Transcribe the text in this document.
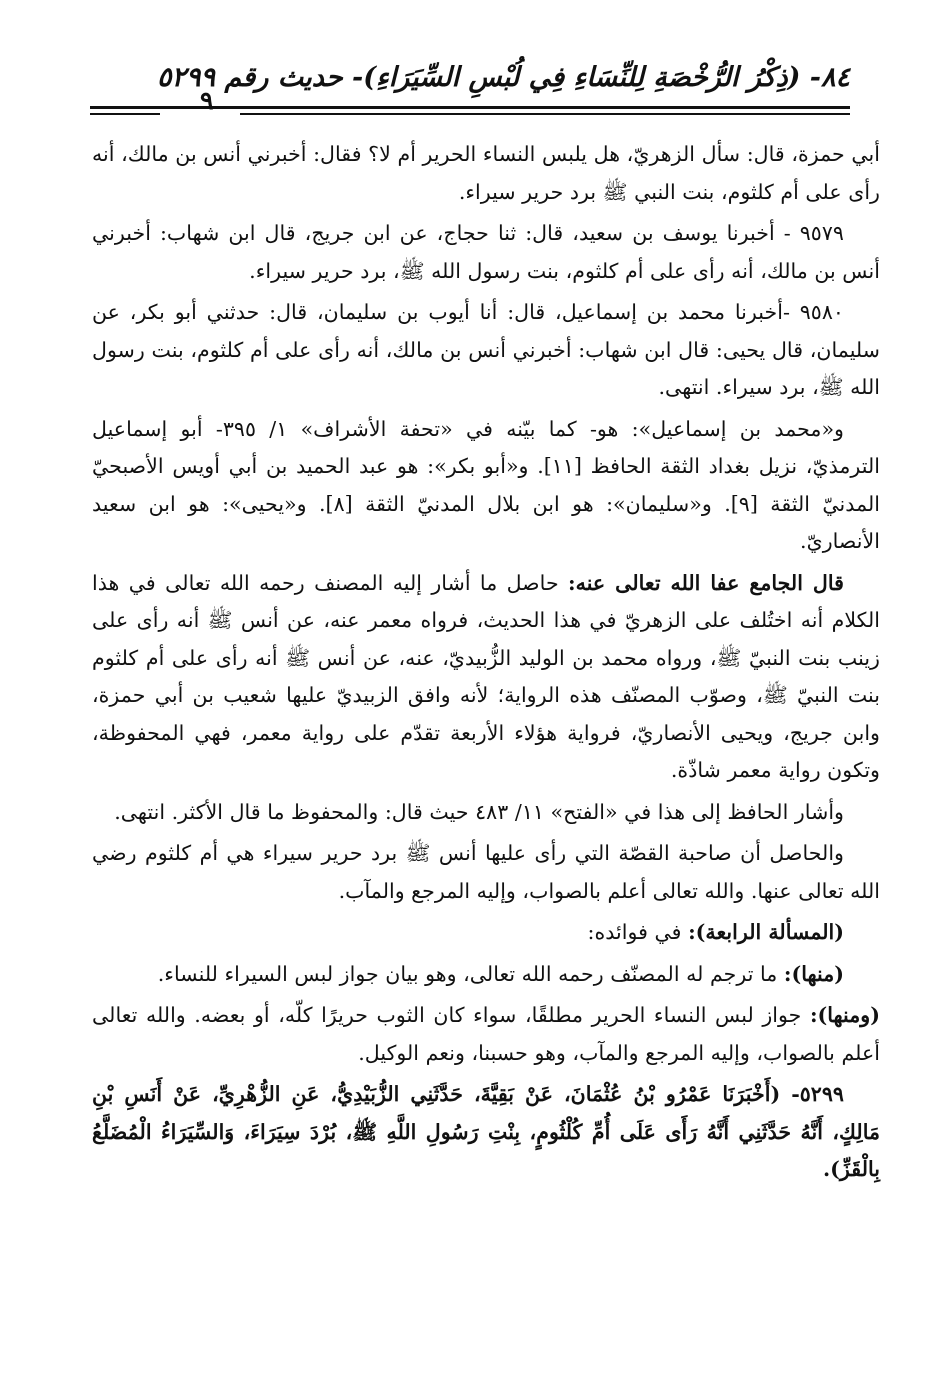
٨٤- (ذِكْرُ الرُّخْصَةِ لِلنِّسَاءِ فِي لُبْسِ السِّيَرَاءِ)- حديث رقم ٥٢٩٩
٩

أبي حمزة، قال: سأل الزهريّ، هل يلبس النساء الحرير أم لا؟ فقال: أخبرني أنس بن مالك، أنه رأى على أم كلثوم، بنت النبي ﷺ برد حرير سيراء.

٩٥٧٩ - أخبرنا يوسف بن سعيد، قال: ثنا حجاج، عن ابن جريج، قال ابن شهاب: أخبرني أنس بن مالك، أنه رأى على أم كلثوم، بنت رسول الله ﷺ، برد حرير سيراء.

٩٥٨٠ -أخبرنا محمد بن إسماعيل، قال: أنا أيوب بن سليمان، قال: حدثني أبو بكر، عن سليمان، قال يحيى: قال ابن شهاب: أخبرني أنس بن مالك، أنه رأى على أم كلثوم، بنت رسول الله ﷺ، برد سيراء. انتهى.

و«محمد بن إسماعيل»: هو- كما بيّنه في «تحفة الأشراف» ١/ ٣٩٥- أبو إسماعيل الترمذيّ، نزيل بغداد الثقة الحافظ [١١]. و«أبو بكر»: هو عبد الحميد بن أبي أويس الأصبحيّ المدنيّ الثقة [٩]. و«سليمان»: هو ابن بلال المدنيّ الثقة [٨]. و«يحيى»: هو ابن سعيد الأنصاريّ.

قال الجامع عفا الله تعالى عنه: حاصل ما أشار إليه المصنف رحمه الله تعالى في هذا الكلام أنه اختُلف على الزهريّ في هذا الحديث، فرواه معمر عنه، عن أنس ﷺ أنه رأى على زينب بنت النبيّ ﷺ، ورواه محمد بن الوليد الزُّبيديّ، عنه، عن أنس ﷺ أنه رأى على أم كلثوم بنت النبيّ ﷺ، وصوّب المصنّف هذه الرواية؛ لأنه وافق الزبيديّ عليها شعيب بن أبي حمزة، وابن جريج، ويحيى الأنصاريّ، فرواية هؤلاء الأربعة تقدّم على رواية معمر، فهي المحفوظة، وتكون رواية معمر شاذّة.

وأشار الحافظ إلى هذا في «الفتح» ١١/ ٤٨٣ حيث قال: والمحفوظ ما قال الأكثر. انتهى.

والحاصل أن صاحبة القصّة التي رأى عليها أنس ﷺ برد حرير سيراء هي أم كلثوم رضي الله تعالى عنها. والله تعالى أعلم بالصواب، وإليه المرجع والمآب.

(المسألة الرابعة): في فوائده:

(منها): ما ترجم له المصنّف رحمه الله تعالى، وهو بيان جواز لبس السيراء للنساء.

(ومنها): جواز لبس النساء الحرير مطلقًا، سواء كان الثوب حريرًا كلّه، أو بعضه. والله تعالى أعلم بالصواب، وإليه المرجع والمآب، وهو حسبنا، ونعم الوكيل.

٥٢٩٩- (أَخْبَرَنَا عَمْرُو بْنُ عُثْمَانَ، عَنْ بَقِيَّةَ، حَدَّثَنِي الزُّبَيْدِيُّ، عَنِ الزُّهْرِيِّ، عَنْ أَنَسِ بْنِ مَالِكٍ، أَنَّهُ حَدَّثَنِي أَنَّهُ رَأَى عَلَى أُمِّ كُلْثُومٍ، بِنْتِ رَسُولِ اللَّهِ ﷺ، بُرْدَ سِيَرَاءَ، وَالسِّيَرَاءُ الْمُضَلَّعُ بِالْقَزِّ).
